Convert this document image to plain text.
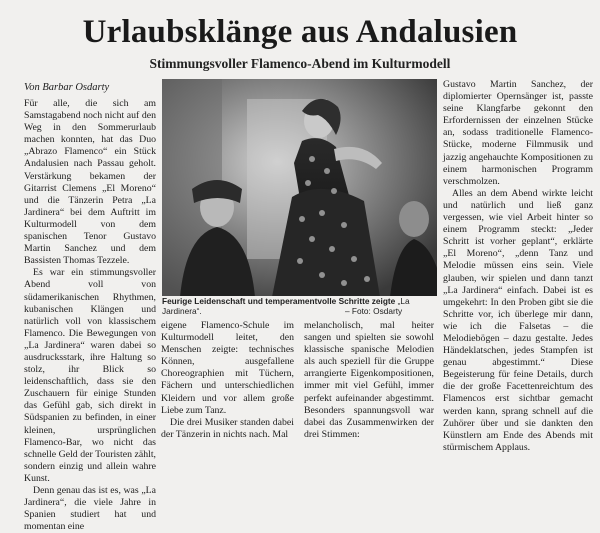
Urlaubsklänge aus Andalusien
Stimmungsvoller Flamenco-Abend im Kulturmodell
Von Barbar Osdarty

Für alle, die sich am Samstagabend noch nicht auf den Weg in den Sommerurlaub machen konnten, hat das Duo „Abrazo Flamenco“ ein Stück Andalusien nach Passau geholt. Verstärkung bekamen der Gitarrist Clemens „El Moreno“ und die Tänzerin Petra „La Jardinera“ bei dem Auftritt im Kulturmodell von dem spanischen Tenor Gustavo Martin Sanchez und dem Bassisten Thomas Tezzele.

Es war ein stimmungsvoller Abend voll von südamerikanischen Rhythmen, kubanischen Klängen und natürlich voll von klassischem Flamenco. Die Bewegungen von „La Jardinera“ waren dabei so ausdrucksstark, ihre Haltung so stolz, ihr Blick so leidenschaftlich, dass sie den Zuschauern für einige Stunden das Gefühl gab, sich direkt in Südspanien zu befinden, in einer kleinen, ursprünglichen Flamenco-Bar, wo nicht das schnelle Geld der Touristen zählt, sondern einzig und allein wahre Kunst.

Denn genau das ist es, was „La Jardinera“, die viele Jahre in Spanien studiert hat und momentan eine

Feurige Leidenschaft und temperamentvolle Schritte zeigte „La Jardinera“.	– Foto: Osdarty

eigene Flamenco-Schule im Kulturmodell leitet, den Menschen zeigte: technisches Können, ausgefallene Choreographien mit Tüchern, Fächern und unterschiedlichen Kleidern und vor allem große Liebe zum Tanz.

Die drei Musiker standen dabei der Tänzerin in nichts nach. Mal

melancholisch, mal heiter sangen und spielten sie sowohl klassische spanische Melodien als auch speziell für die Gruppe arrangierte Eigenkompositionen, immer mit viel Gefühl, immer perfekt aufeinander abgestimmt. Besonders spannungsvoll war dabei das Zusammenwirken der drei Stimmen:

Gustavo Martin Sanchez, der diplomierter Opernsänger ist, passte seine Klangfarbe gekonnt den Erfordernissen der einzelnen Stücke an, sodass traditionelle Flamenco-Stücke, moderne Filmmusik und jazzig angehauchte Kompositionen zu einem harmonischen Programm verschmolzen.

Alles an dem Abend wirkte leicht und natürlich und ließ ganz vergessen, wie viel Arbeit hinter so einem Programm steckt: „Jeder Schritt ist vorher geplant“, erklärte „El Moreno“, „denn Tanz und Melodie müssen eins sein. Viele glauben, wir spielen und dann tanzt „La Jardinera“ einfach. Dabei ist es umgekehrt: In den Proben gibt sie die Schritte vor, ich überlege mir dann, wie ich die Falsetas – die Melodiebögen – dazu gestalte. Jedes Händeklatschen, jedes Stampfen ist genau abgestimmt.“ Diese Begeisterung für feine Details, durch die der große Facettenreichtum des Flamencos erst sichtbar gemacht werden kann, sprang schnell auf die Zuhörer über und sie dankten den Künstlern am Ende des Abends mit stürmischem Applaus.
